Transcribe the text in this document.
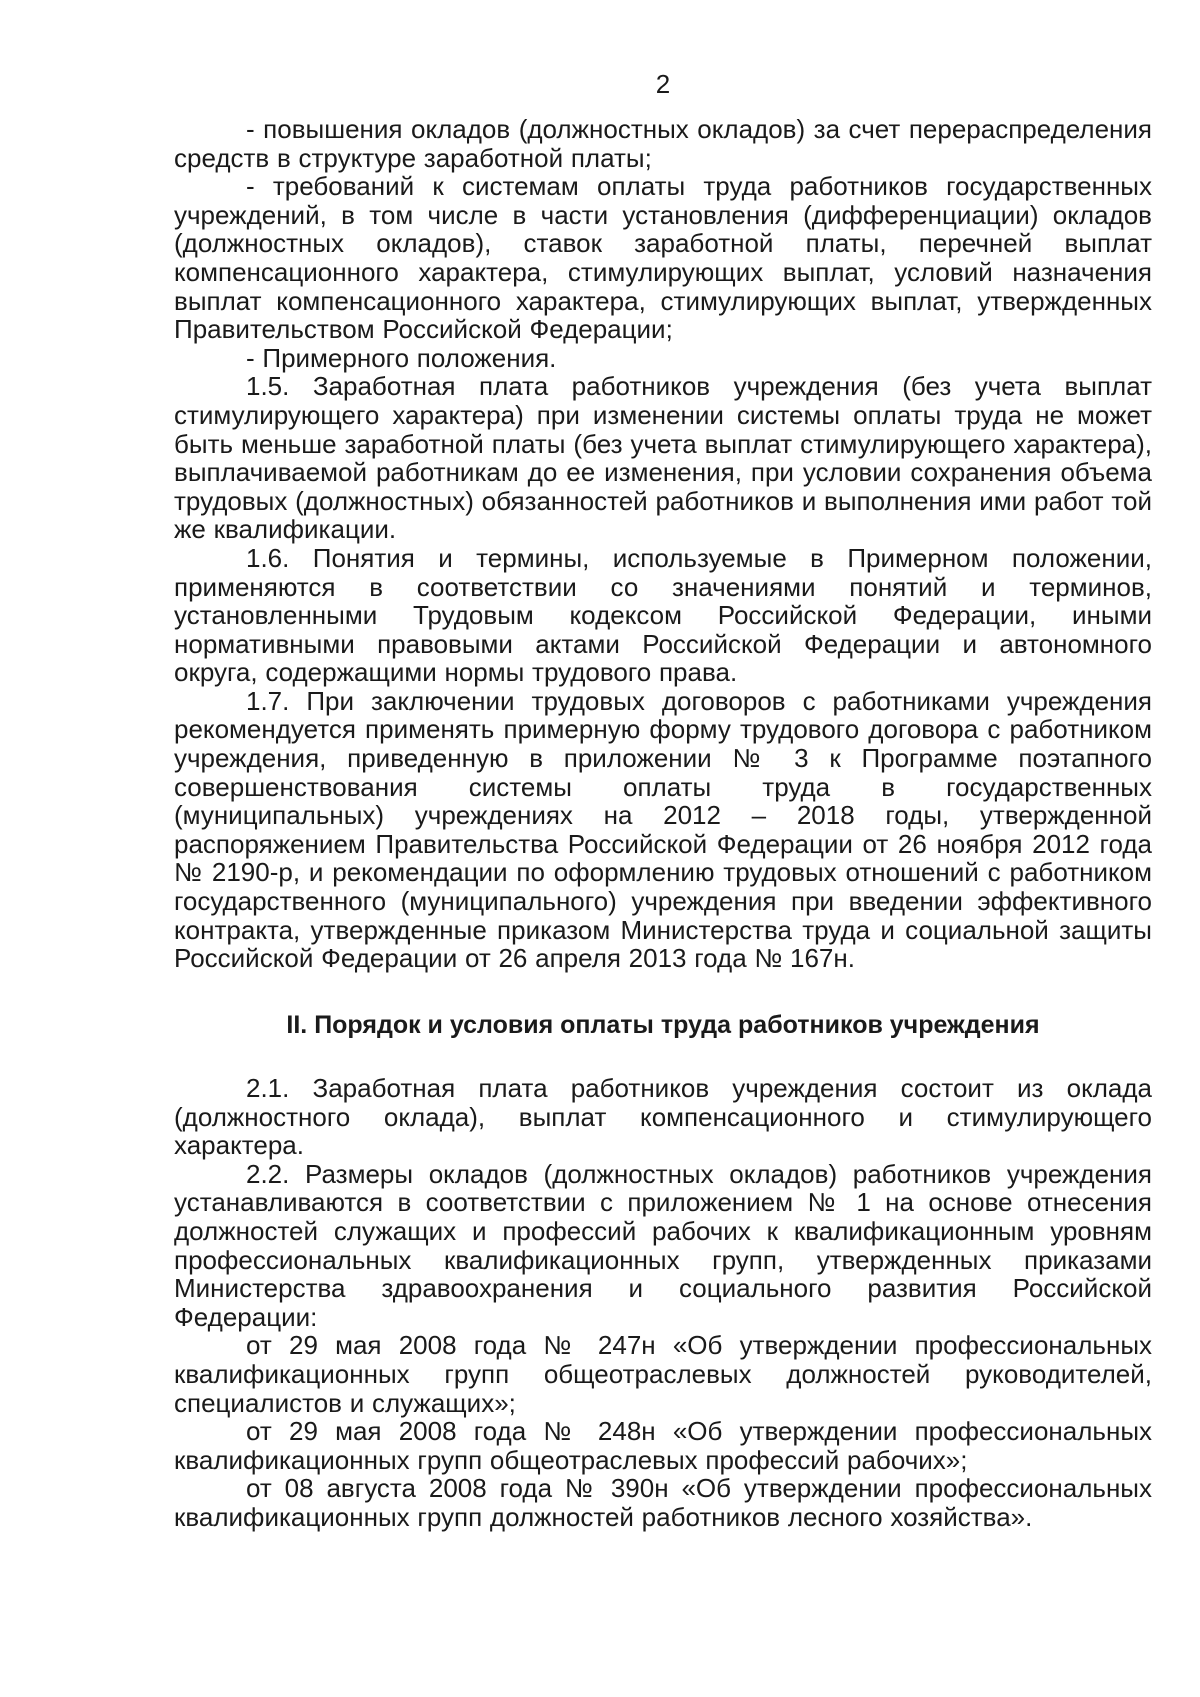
2

- повышения окладов (должностных окладов) за счет перераспределения средств в структуре заработной платы;

- требований к системам оплаты труда работников государственных учреждений, в том числе в части установления (дифференциации) окладов (должностных окладов), ставок заработной платы, перечней выплат компенсационного характера, стимулирующих выплат, условий назначения выплат компенсационного характера, стимулирующих выплат, утвержденных Правительством Российской Федерации;

- Примерного положения.

1.5. Заработная плата работников учреждения (без учета выплат стимулирующего характера) при изменении системы оплаты труда не может быть меньше заработной платы (без учета выплат стимулирующего характера), выплачиваемой работникам до ее изменения, при условии сохранения объема трудовых (должностных) обязанностей работников и выполнения ими работ той же квалификации.

1.6. Понятия и термины, используемые в Примерном положении, применяются в соответствии со значениями понятий и терминов, установленными Трудовым кодексом Российской Федерации, иными нормативными правовыми актами Российской Федерации и автономного округа, содержащими нормы трудового права.

1.7. При заключении трудовых договоров с работниками учреждения рекомендуется применять примерную форму трудового договора с работником учреждения, приведенную в приложении № 3 к Программе поэтапного совершенствования системы оплаты труда в государственных (муниципальных) учреждениях на 2012 – 2018 годы, утвержденной распоряжением Правительства Российской Федерации от 26 ноября 2012 года № 2190-р, и рекомендации по оформлению трудовых отношений с работником государственного (муниципального) учреждения при введении эффективного контракта, утвержденные приказом Министерства труда и социальной защиты Российской Федерации от 26 апреля 2013 года № 167н.

II. Порядок и условия оплаты труда работников учреждения

2.1. Заработная плата работников учреждения состоит из оклада (должностного оклада), выплат компенсационного и стимулирующего характера.

2.2. Размеры окладов (должностных окладов) работников учреждения устанавливаются в соответствии с приложением № 1 на основе отнесения должностей служащих и профессий рабочих к квалификационным уровням профессиональных квалификационных групп, утвержденных приказами Министерства здравоохранения и социального развития Российской Федерации:

от 29 мая 2008 года № 247н «Об утверждении профессиональных квалификационных групп общеотраслевых должностей руководителей, специалистов и служащих»;

от 29 мая 2008 года № 248н «Об утверждении профессиональных квалификационных групп общеотраслевых профессий рабочих»;

от 08 августа 2008 года № 390н «Об утверждении профессиональных квалификационных групп должностей работников лесного хозяйства».
